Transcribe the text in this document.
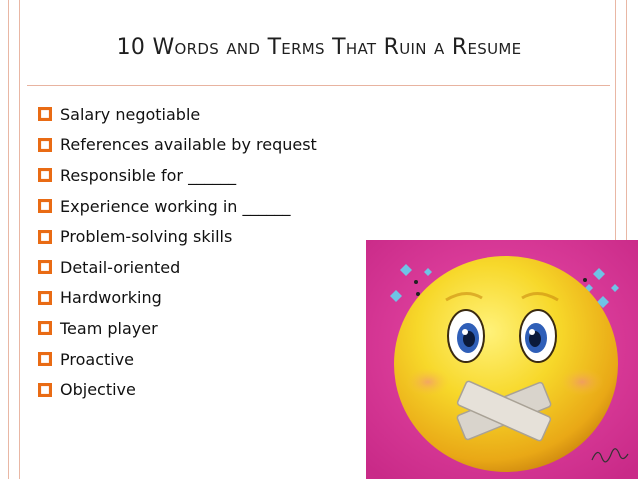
10 Words and Terms That Ruin a Resume
Salary negotiable
References available by request
Responsible for ______
Experience working in ______
Problem-solving skills
Detail-oriented
Hardworking
Team player
Proactive
Objective
